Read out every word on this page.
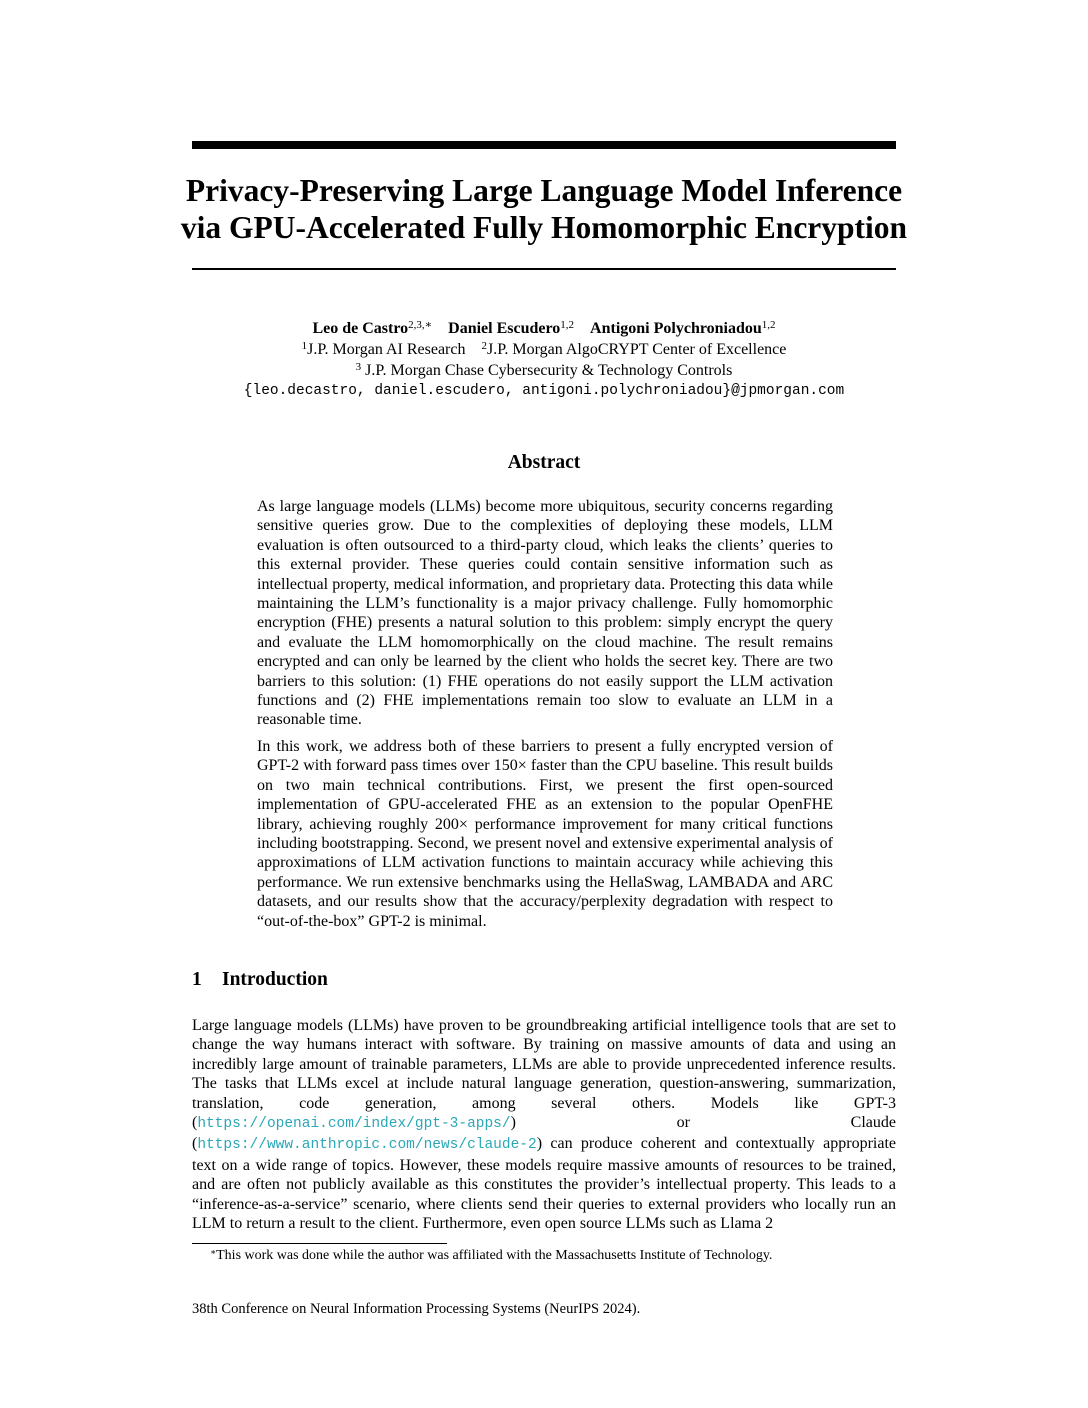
Privacy-Preserving Large Language Model Inference
via GPU-Accelerated Fully Homomorphic Encryption
Leo de Castro$^{2,3,∗}$ Daniel Escudero$^{1,2}$ Antigoni Polychroniadou$^{1,2}$
$^1$J.P. Morgan AI Research $^2$J.P. Morgan AlgoCRYPT Center of Excellence
$^3$ J.P. Morgan Chase Cybersecurity & Technology Controls
{leo.decastro, daniel.escudero, antigoni.polychroniadou}@jpmorgan.com
Abstract

As large language models (LLMs) become more ubiquitous, security concerns regarding sensitive queries grow. Due to the complexities of deploying these models, LLM evaluation is often outsourced to a third-party cloud, which leaks the clients’ queries to this external provider. These queries could contain sensitive information such as intellectual property, medical information, and proprietary data. Protecting this data while maintaining the LLM’s functionality is a major privacy challenge. Fully homomorphic encryption (FHE) presents a natural solution to this problem: simply encrypt the query and evaluate the LLM homomorphically on the cloud machine. The result remains encrypted and can only be learned by the client who holds the secret key. There are two barriers to this solution: (1) FHE operations do not easily support the LLM activation functions and (2) FHE implementations remain too slow to evaluate an LLM in a reasonable time.

In this work, we address both of these barriers to present a fully encrypted version of GPT-2 with forward pass times over 150× faster than the CPU baseline. This result builds on two main technical contributions. First, we present the first open-sourced implementation of GPU-accelerated FHE as an extension to the popular OpenFHE library, achieving roughly 200× performance improvement for many critical functions including bootstrapping. Second, we present novel and extensive experimental analysis of approximations of LLM activation functions to maintain accuracy while achieving this performance. We run extensive benchmarks using the HellaSwag, LAMBADA and ARC datasets, and our results show that the accuracy/perplexity degradation with respect to “out-of-the-box” GPT-2 is minimal.

1 Introduction

Large language models (LLMs) have proven to be groundbreaking artificial intelligence tools that are set to change the way humans interact with software. By training on massive amounts of data and using an incredibly large amount of trainable parameters, LLMs are able to provide unprecedented inference results. The tasks that LLMs excel at include natural language generation, question-answering, summarization, translation, code generation, among several others. Models like GPT-3 (https://openai.com/index/gpt-3-apps/) or Claude (https://www.anthropic.com/news/claude-2) can produce coherent and contextually appropriate text on a wide range of topics. However, these models require massive amounts of resources to be trained, and are often not publicly available as this constitutes the provider’s intellectual property. This leads to a “inference-as-a-service” scenario, where clients send their queries to external providers who locally run an LLM to return a result to the client. Furthermore, even open source LLMs such as Llama 2

∗This work was done while the author was affiliated with the Massachusetts Institute of Technology.
38th Conference on Neural Information Processing Systems (NeurIPS 2024).
